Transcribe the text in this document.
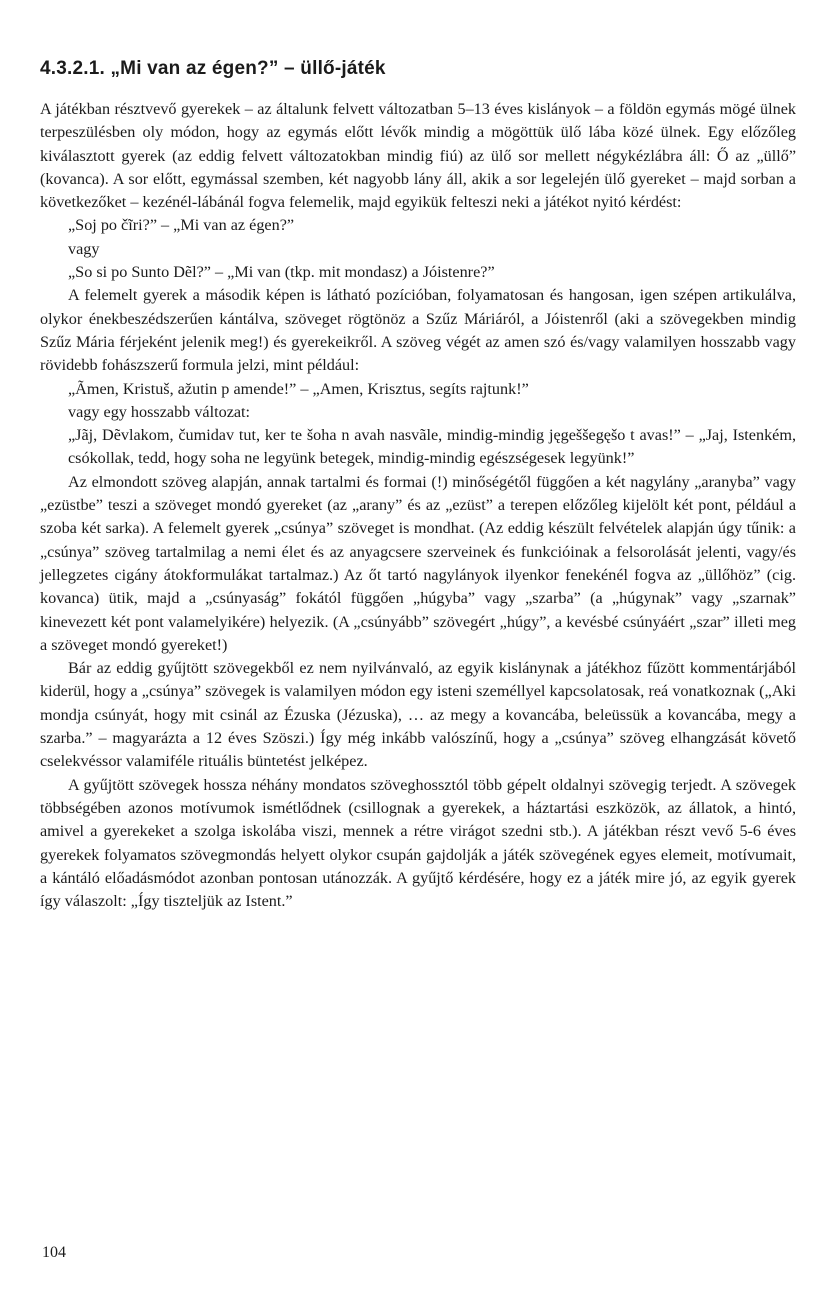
4.3.2.1. „Mi van az égen?” – üllő-játék

A játékban résztvevő gyerekek – az általunk felvett változatban 5–13 éves kislányok – a földön egymás mögé ülnek terpeszülésben oly módon, hogy az egymás előtt lévők mindig a mögöttük ülő lába közé ülnek. Egy előzőleg kiválasztott gyerek (az eddig felvett változatokban mindig fiú) az ülő sor mellett négykézlábra áll: Ő az „üllő” (kovanca). A sor előtt, egymással szemben, két nagyobb lány áll, akik a sor legelején ülő gyereket – majd sorban a következőket – kezénél-lábánál fogva felemelik, majd egyikük felteszi neki a játékot nyitó kérdést:

„Soj po čĩri?” – „Mi van az égen?”

vagy

„So si po Sunto Dẽl?” – „Mi van (tkp. mit mondasz) a Jóistenre?”

A felemelt gyerek a második képen is látható pozícióban, folyamatosan és hangosan, igen szépen artikulálva, olykor énekbeszédszerűen kántálva, szöveget rögtönöz a Szűz Máriáról, a Jóistenről (aki a szövegekben mindig Szűz Mária férjeként jelenik meg!) és gyerekeikről. A szöveg végét az amen szó és/vagy valamilyen hosszabb vagy rövidebb fohászszerű formula jelzi, mint például:

„Ãmen, Kristuš, ažutin p amende!” – „Amen, Krisztus, segíts rajtunk!”

vagy egy hosszabb változat:

„Jãj, Dẽvlakom, čumidav tut, ker te šoha n avah nasvãle, mindig-mindig jęgeššegęšo t avas!” – „Jaj, Istenkém, csókollak, tedd, hogy soha ne legyünk betegek, mindig-mindig egészségesek legyünk!”

Az elmondott szöveg alapján, annak tartalmi és formai (!) minőségétől függően a két nagylány „aranyba” vagy „ezüstbe” teszi a szöveget mondó gyereket (az „arany” és az „ezüst” a terepen előzőleg kijelölt két pont, például a szoba két sarka). A felemelt gyerek „csúnya” szöveget is mondhat. (Az eddig készült felvételek alapján úgy tűnik: a „csúnya” szöveg tartalmilag a nemi élet és az anyagcsere szerveinek és funkcióinak a felsorolását jelenti, vagy/és jellegzetes cigány átokformulákat tartalmaz.) Az őt tartó nagylányok ilyenkor fenekénél fogva az „üllőhöz” (cig. kovanca) ütik, majd a „csúnyaság” fokától függően „húgyba” vagy „szarba” (a „húgynak” vagy „szarnak” kinevezett két pont valamelyikére) helyezik. (A „csúnyább” szövegért „húgy”, a kevésbé csúnyáért „szar” illeti meg a szöveget mondó gyereket!)

Bár az eddig gyűjtött szövegekből ez nem nyilvánvaló, az egyik kislánynak a játékhoz fűzött kommentárjából kiderül, hogy a „csúnya” szövegek is valamilyen módon egy isteni személlyel kapcsolatosak, reá vonatkoznak („Aki mondja csúnyát, hogy mit csinál az Ézuska (Jézuska), … az megy a kovancába, beleüssük a kovancába, megy a szarba.” – magyarázta a 12 éves Szöszi.) Így még inkább valószínű, hogy a „csúnya” szöveg elhangzását követő cselekvéssor valamiféle rituális büntetést jelképez.

A gyűjtött szövegek hossza néhány mondatos szöveghossztól több gépelt oldalnyi szövegig terjedt. A szövegek többségében azonos motívumok ismétlődnek (csillognak a gyerekek, a háztartási eszközök, az állatok, a hintó, amivel a gyerekeket a szolga iskolába viszi, mennek a rétre virágot szedni stb.). A játékban részt vevő 5-6 éves gyerekek folyamatos szövegmondás helyett olykor csupán gajdolják a játék szövegének egyes elemeit, motívumait, a kántáló előadásmódot azonban pontosan utánozzák. A gyűjtő kérdésére, hogy ez a játék mire jó, az egyik gyerek így válaszolt: „Így tiszteljük az Istent.”

104
